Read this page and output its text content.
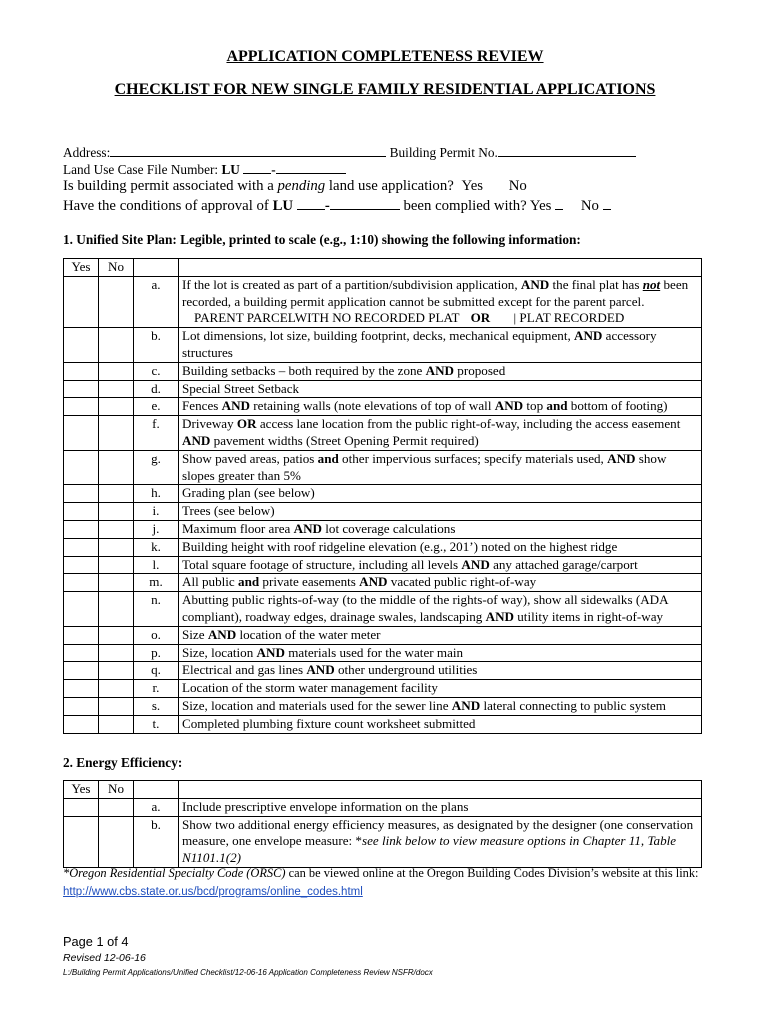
APPLICATION COMPLETENESS REVIEW
CHECKLIST FOR NEW SINGLE FAMILY RESIDENTIAL APPLICATIONS
Address:	Building Permit No.
Land Use Case File Number: LU -
Is building permit associated with a pending land use application? Yes No
Have the conditions of approval of LU -	been complied with? Yes No
1. Unified Site Plan: Legible, printed to scale (e.g., 1:10) showing the following information:
Yes	No		
		a.	If the lot is created as part of a partition/subdivision application, AND the final plat has not been recorded, a building permit application cannot be submitted except for the parent parcel.
PARENT PARCELWITH NO RECORDED PLAT OR | PLAT RECORDED
		b.	Lot dimensions, lot size, building footprint, decks, mechanical equipment, AND accessory structures
		c.	Building setbacks – both required by the zone AND proposed
		d.	Special Street Setback
		e.	Fences AND retaining walls (note elevations of top of wall AND top and bottom of footing)
		f.	Driveway OR access lane location from the public right-of-way, including the access easement AND pavement widths (Street Opening Permit required)
		g.	Show paved areas, patios and other impervious surfaces; specify materials used, AND show slopes greater than 5%
		h.	Grading plan (see below)
		i.	Trees (see below)
		j.	Maximum floor area AND lot coverage calculations
		k.	Building height with roof ridgeline elevation (e.g., 201’) noted on the highest ridge
		l.	Total square footage of structure, including all levels AND any attached garage/carport
		m.	All public and private easements AND vacated public right-of-way
		n.	Abutting public rights-of-way (to the middle of the rights-of way), show all sidewalks (ADA compliant), roadway edges, drainage swales, landscaping AND utility items in right-of-way
		o.	Size AND location of the water meter
		p.	Size, location AND materials used for the water main
		q.	Electrical and gas lines AND other underground utilities
		r.	Location of the storm water management facility
		s.	Size, location and materials used for the sewer line AND lateral connecting to public system
		t.	Completed plumbing fixture count worksheet submitted
2. Energy Efficiency:
Yes	No		
		a.	Include prescriptive envelope information on the plans
		b.	Show two additional energy efficiency measures, as designated by the designer (one conservation measure, one envelope measure: *see link below to view measure options in Chapter 11, Table N1101.1(2)
*Oregon Residential Specialty Code (ORSC) can be viewed online at the Oregon Building Codes Division’s website at this link: http://www.cbs.state.or.us/bcd/programs/online_codes.html
Page 1 of 4
Revised 12-06-16
L:/Building Permit Applications/Unified Checklist/12-06-16 Application Completeness Review NSFR/docx
